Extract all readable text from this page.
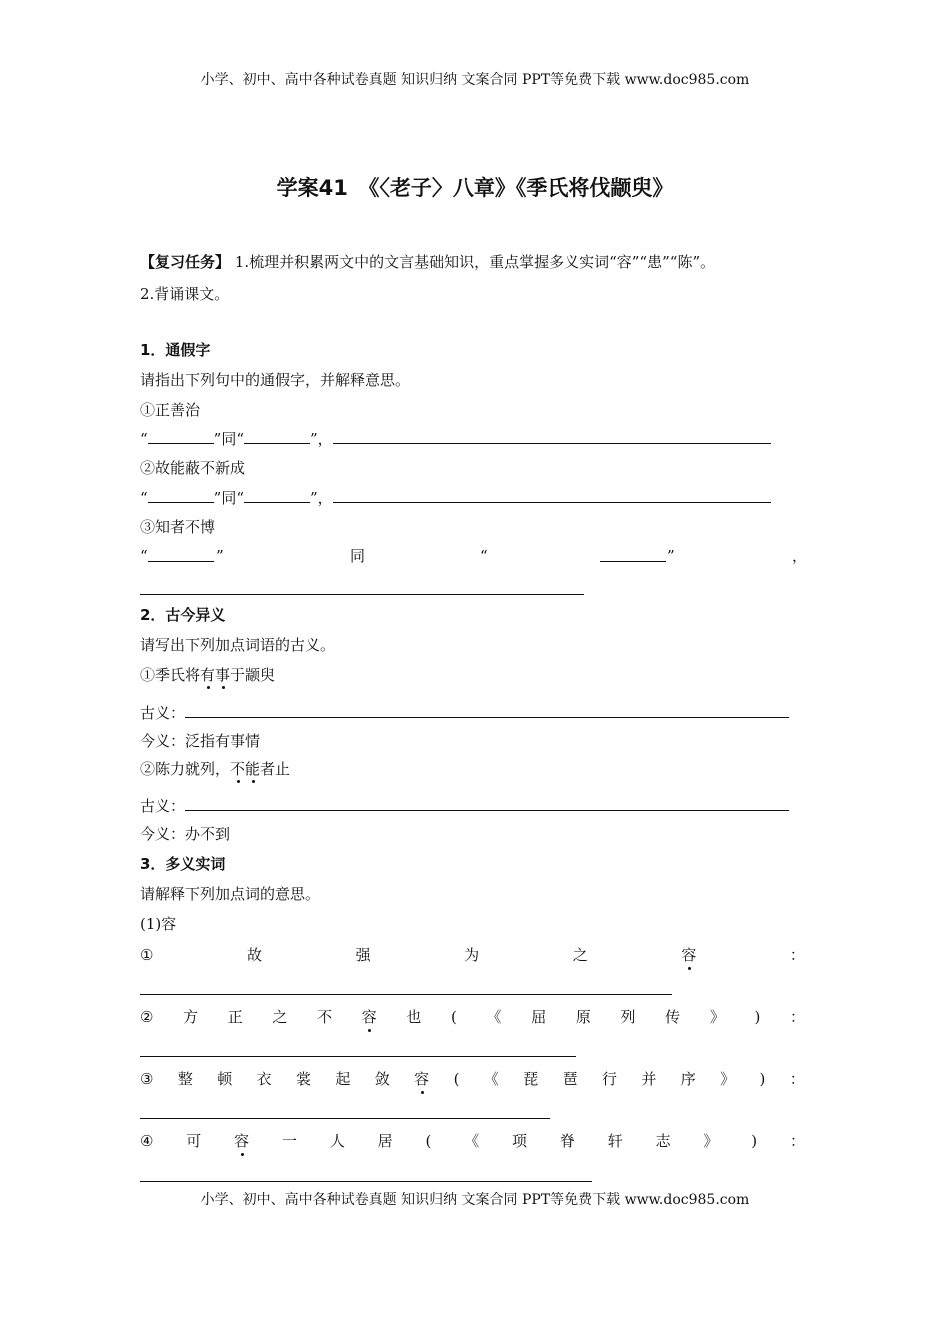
小学、初中、高中各种试卷真题 知识归纳 文案合同 PPT等免费下载 www.doc985.com
学案41　《〈老子〉八章》《季氏将伐颛臾》
【复习任务】 1.梳理并积累两文中的文言基础知识，重点掌握多义实词“容”“患”“陈”。
2.背诵课文。
1．通假字
请指出下列句中的通假字，并解释意思。
①正善治
“	”同“	”，
②故能蔽不新成
“	”同“	”，
③知者不博
“	”	同	“	”	，
2．古今异义
请写出下列加点词语的古义。
①季氏将有事于颛臾
古义：
今义：泛指有事情
②陈力就列，不能者止
古义：
今义：办不到
3．多义实词
请解释下列加点词的意思。
(1)容
①	故	强	为	之	容	：
② 方 正 之 不 容 也 ( 《 屈 原 列 传 》 ) ：
③ 整 顿 衣 裳 起 敛 容 ( 《 琵 琶 行 并 序 》 ) ：
④ 可 容 一 人 居 ( 《 项 脊 轩 志 》 ) ：
小学、初中、高中各种试卷真题 知识归纳 文案合同 PPT等免费下载 www.doc985.com
